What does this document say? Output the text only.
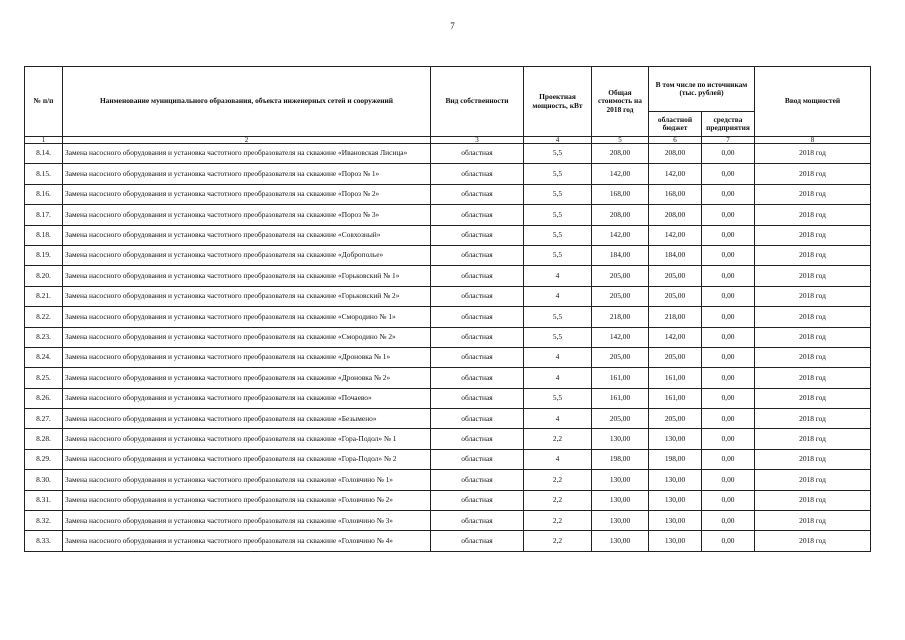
7
№ п/п	Наименование муниципального образования, объекта инженерных сетей и сооружений	Вид собственности	Проектная мощность, кВт	Общая стоимость на 2018 год	В том числе по источникам (тыс. рублей)		Ввод мощностей
					областной бюджет	средства предприятия	
1	2	3	4	5	6	7	8
8.14.	Замена насосного оборудования и установка частотного преобразователя на скважине «Ивановская Лисица»	областная	5,5	208,00	208,00	0,00	2018 год
8.15.	Замена насосного оборудования и установка частотного преобразователя на скважине «Пороз № 1»	областная	5,5	142,00	142,00	0,00	2018 год
8.16.	Замена насосного оборудования и установка частотного преобразователя на скважине «Пороз № 2»	областная	5,5	168,00	168,00	0,00	2018 год
8.17.	Замена насосного оборудования и установка частотного преобразователя на скважине «Пороз № 3»	областная	5,5	208,00	208,00	0,00	2018 год
8.18.	Замена насосного оборудования и установка частотного преобразователя на скважине «Совхозный»	областная	5,5	142,00	142,00	0,00	2018 год
8.19.	Замена насосного оборудования и установка частотного преобразователя на скважине «Доброполье»	областная	5,5	184,00	184,00	0,00	2018 год
8.20.	Замена насосного оборудования и установка частотного преобразователя на скважине «Горьковский № 1»	областная	4	205,00	205,00	0,00	2018 год
8.21.	Замена насосного оборудования и установка частотного преобразователя на скважине «Горьковский № 2»	областная	4	205,00	205,00	0,00	2018 год
8.22.	Замена насосного оборудования и установка частотного преобразователя на скважине «Смородино № 1»	областная	5,5	218,00	218,00	0,00	2018 год
8.23.	Замена насосного оборудования и установка частотного преобразователя на скважине «Смородино № 2»	областная	5,5	142,00	142,00	0,00	2018 год
8.24.	Замена насосного оборудования и установка частотного преобразователя на скважине «Дроновка № 1»	областная	4	205,00	205,00	0,00	2018 год
8.25.	Замена насосного оборудования и установка частотного преобразователя на скважине «Дроновка № 2»	областная	4	161,00	161,00	0,00	2018 год
8.26.	Замена насосного оборудования и установка частотного преобразователя на скважине «Почаево»	областная	5,5	161,00	161,00	0,00	2018 год
8.27.	Замена насосного оборудования и установка частотного преобразователя на скважине «Безымено»	областная	4	205,00	205,00	0,00	2018 год
8.28.	Замена насосного оборудования и установка частотного преобразователя на скважине «Гора-Подол» № 1	областная	2,2	130,00	130,00	0,00	2018 год
8.29.	Замена насосного оборудования и установка частотного преобразователя на скважине «Гора-Подол» № 2	областная	4	198,00	198,00	0,00	2018 год
8.30.	Замена насосного оборудования и установка частотного преобразователя на скважине «Головчино № 1»	областная	2,2	130,00	130,00	0,00	2018 год
8.31.	Замена насосного оборудования и установка частотного преобразователя на скважине «Головчино № 2»	областная	2,2	130,00	130,00	0,00	2018 год
8.32.	Замена насосного оборудования и установка частотного преобразователя на скважине «Головчино № 3»	областная	2,2	130,00	130,00	0,00	2018 год
8.33.	Замена насосного оборудования и установка частотного преобразователя на скважине «Головчино № 4»	областная	2,2	130,00	130,00	0,00	2018 год
